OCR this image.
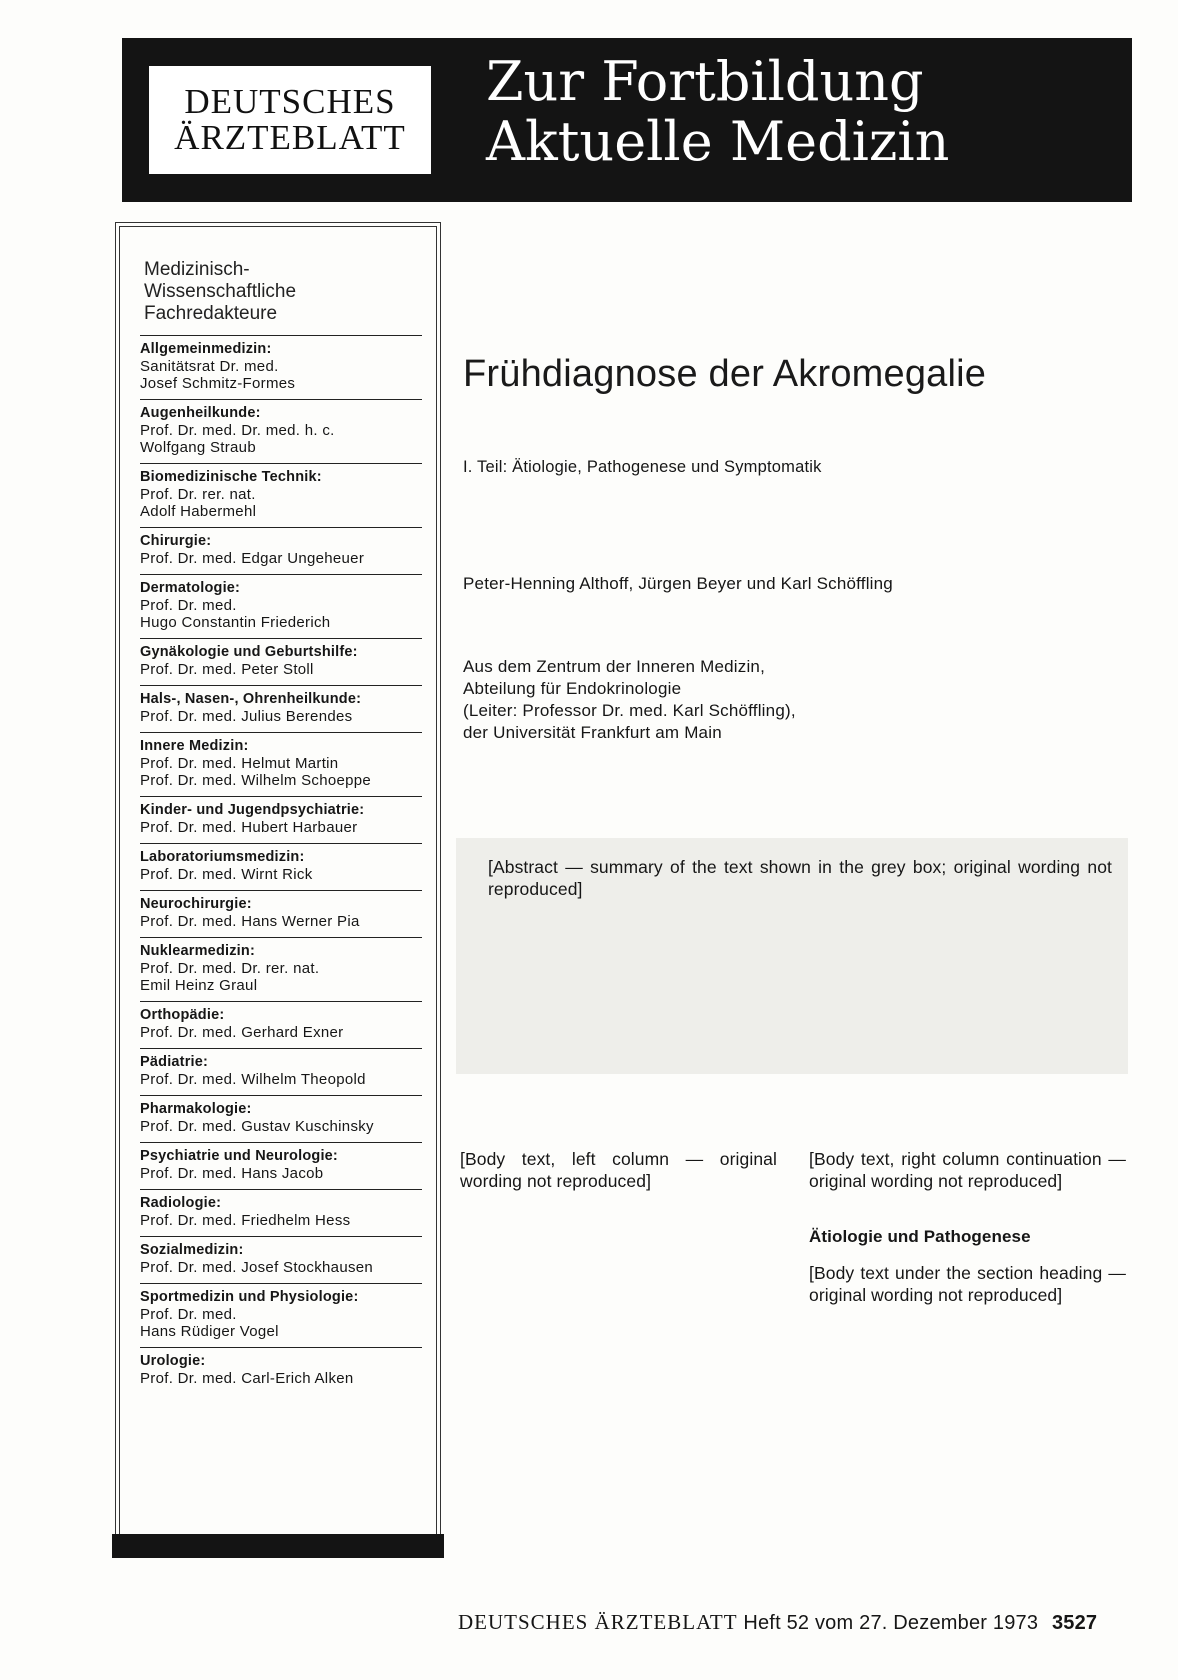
DEUTSCHES
ÄRZTEBLATT
Zur Fortbildung
Aktuelle Medizin
Medizinisch-
Wissenschaftliche
Fachredakteure
Allgemeinmedizin:
Sanitätsrat Dr. med.
Josef Schmitz-Formes
Augenheilkunde:
Prof. Dr. med. Dr. med. h. c.
Wolfgang Straub
Biomedizinische Technik:
Prof. Dr. rer. nat.
Adolf Habermehl
Chirurgie:
Prof. Dr. med. Edgar Ungeheuer
Dermatologie:
Prof. Dr. med.
Hugo Constantin Friederich
Gynäkologie und Geburtshilfe:
Prof. Dr. med. Peter Stoll
Hals-, Nasen-, Ohrenheilkunde:
Prof. Dr. med. Julius Berendes
Innere Medizin:
Prof. Dr. med. Helmut Martin
Prof. Dr. med. Wilhelm Schoeppe
Kinder- und Jugendpsychiatrie:
Prof. Dr. med. Hubert Harbauer
Laboratoriumsmedizin:
Prof. Dr. med. Wirnt Rick
Neurochirurgie:
Prof. Dr. med. Hans Werner Pia
Nuklearmedizin:
Prof. Dr. med. Dr. rer. nat.
Emil Heinz Graul
Orthopädie:
Prof. Dr. med. Gerhard Exner
Pädiatrie:
Prof. Dr. med. Wilhelm Theopold
Pharmakologie:
Prof. Dr. med. Gustav Kuschinsky
Psychiatrie und Neurologie:
Prof. Dr. med. Hans Jacob
Radiologie:
Prof. Dr. med. Friedhelm Hess
Sozialmedizin:
Prof. Dr. med. Josef Stockhausen
Sportmedizin und Physiologie:
Prof. Dr. med.
Hans Rüdiger Vogel
Urologie:
Prof. Dr. med. Carl-Erich Alken
Frühdiagnose der Akromegalie
I. Teil: Ätiologie, Pathogenese und Symptomatik
Peter-Henning Althoff, Jürgen Beyer und Karl Schöffling
Aus dem Zentrum der Inneren Medizin,
Abteilung für Endokrinologie
(Leiter: Professor Dr. med. Karl Schöffling),
der Universität Frankfurt am Main
[Abstract — summary of the text shown in the grey box; original wording not reproduced]
[Body text, left column — original wording not reproduced]
[Body text, right column continuation — original wording not reproduced]
Ätiologie und Pathogenese
[Body text under the section heading — original wording not reproduced]
DEUTSCHES ÄRZTEBLATT Heft 52 vom 27. Dezember 1973 3527
